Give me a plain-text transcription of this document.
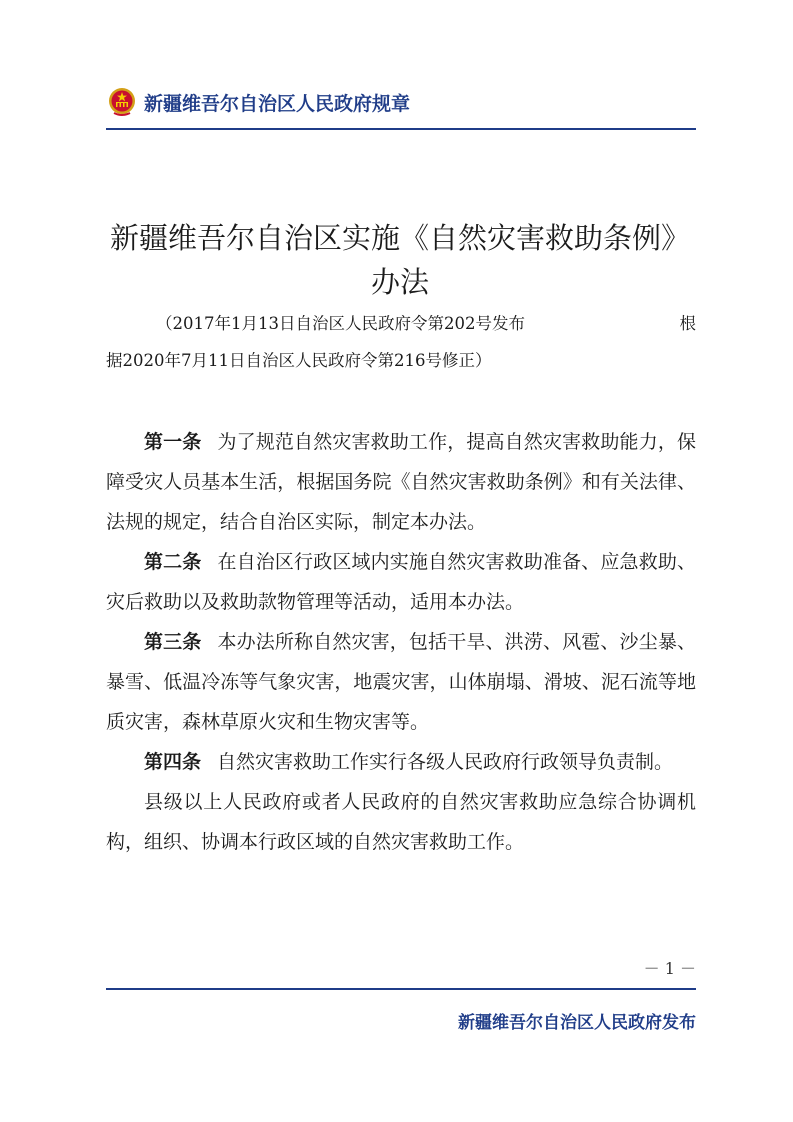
新疆维吾尔自治区人民政府规章
新疆维吾尔自治区实施《自然灾害救助条例》
办法
（2017年1月13日自治区人民政府令第202号发布	根
据2020年7月11日自治区人民政府令第216号修正）

第一条 为了规范自然灾害救助工作，提高自然灾害救助能力，保障受灾人员基本生活，根据国务院《自然灾害救助条例》和有关法律、法规的规定，结合自治区实际，制定本办法。

第二条 在自治区行政区域内实施自然灾害救助准备、应急救助、灾后救助以及救助款物管理等活动，适用本办法。

第三条 本办法所称自然灾害，包括干旱、洪涝、风雹、沙尘暴、暴雪、低温冷冻等气象灾害，地震灾害，山体崩塌、滑坡、泥石流等地质灾害，森林草原火灾和生物灾害等。

第四条 自然灾害救助工作实行各级人民政府行政领导负责制。

县级以上人民政府或者人民政府的自然灾害救助应急综合协调机构，组织、协调本行政区域的自然灾害救助工作。

－ 1 －
新疆维吾尔自治区人民政府发布
